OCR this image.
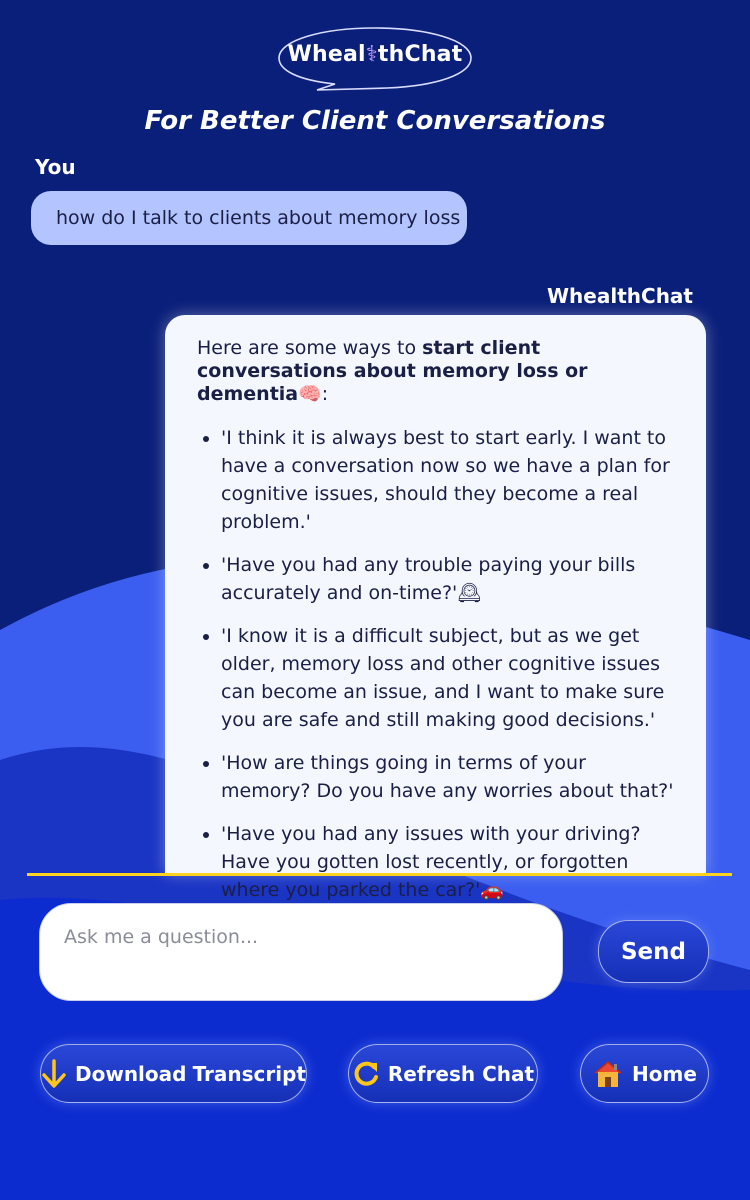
Wheal⚕thChat
For Better Client Conversations
You
how do I talk to clients about memory loss
WhealthChat

Here are some ways to start client conversations about memory loss or dementia🧠:

• 'I think it is always best to start early. I want to have a conversation now so we have a plan for cognitive issues, should they become a real problem.'
• 'Have you had any trouble paying your bills accurately and on-time?'🕰
• 'I know it is a difficult subject, but as we get older, memory loss and other cognitive issues can become an issue, and I want to make sure you are safe and still making good decisions.'
• 'How are things going in terms of your memory? Do you have any worries about that?'
• 'Have you had any issues with your driving? Have you gotten lost recently, or forgotten where you parked the car?'🚗
Ask me a question...
Send
Download Transcript	Refresh Chat	Home
